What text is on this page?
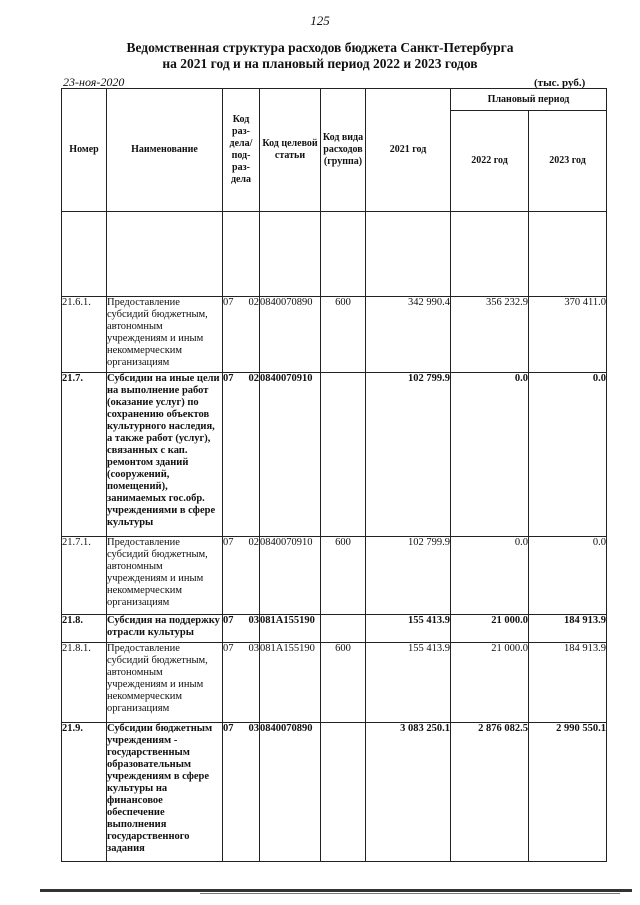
125
Ведомственная структура расходов бюджета Санкт-Петербурга
на 2021 год и на плановый период 2022 и 2023 годов
23-ноя-2020	(тыс. руб.)
Номер	Наименование	Код раз- дела/ под- раз- дела	Код целевой статьи	Код вида расходов (группа)	2021 год	Плановый период	
						2022 год	2023 год

21.6.1.	Предоставление субсидий бюджетным, автономным учреждениям и иным некоммерческим организациям	07 02	0840070890	600	342 990.4	356 232.9	370 411.0
21.7.	Субсидии на иные цели на выполнение работ (оказание услуг) по сохранению объектов культурного наследия, а также работ (услуг), связанных с кап. ремонтом зданий (сооружений, помещений), занимаемых гос.обр. учреждениями в сфере культуры	07 02	0840070910		102 799.9	0.0	0.0
21.7.1.	Предоставление субсидий бюджетным, автономным учреждениям и иным некоммерческим организациям	07 02	0840070910	600	102 799.9	0.0	0.0
21.8.	Субсидия на поддержку отрасли культуры	07 03	081A155190		155 413.9	21 000.0	184 913.9
21.8.1.	Предоставление субсидий бюджетным, автономным учреждениям и иным некоммерческим организациям	07 03	081A155190	600	155 413.9	21 000.0	184 913.9
21.9.	Субсидии бюджетным учреждениям - государственным образовательным учреждениям в сфере культуры на финансовое обеспечение выполнения государственного задания	07 03	0840070890		3 083 250.1	2 876 082.5	2 990 550.1
